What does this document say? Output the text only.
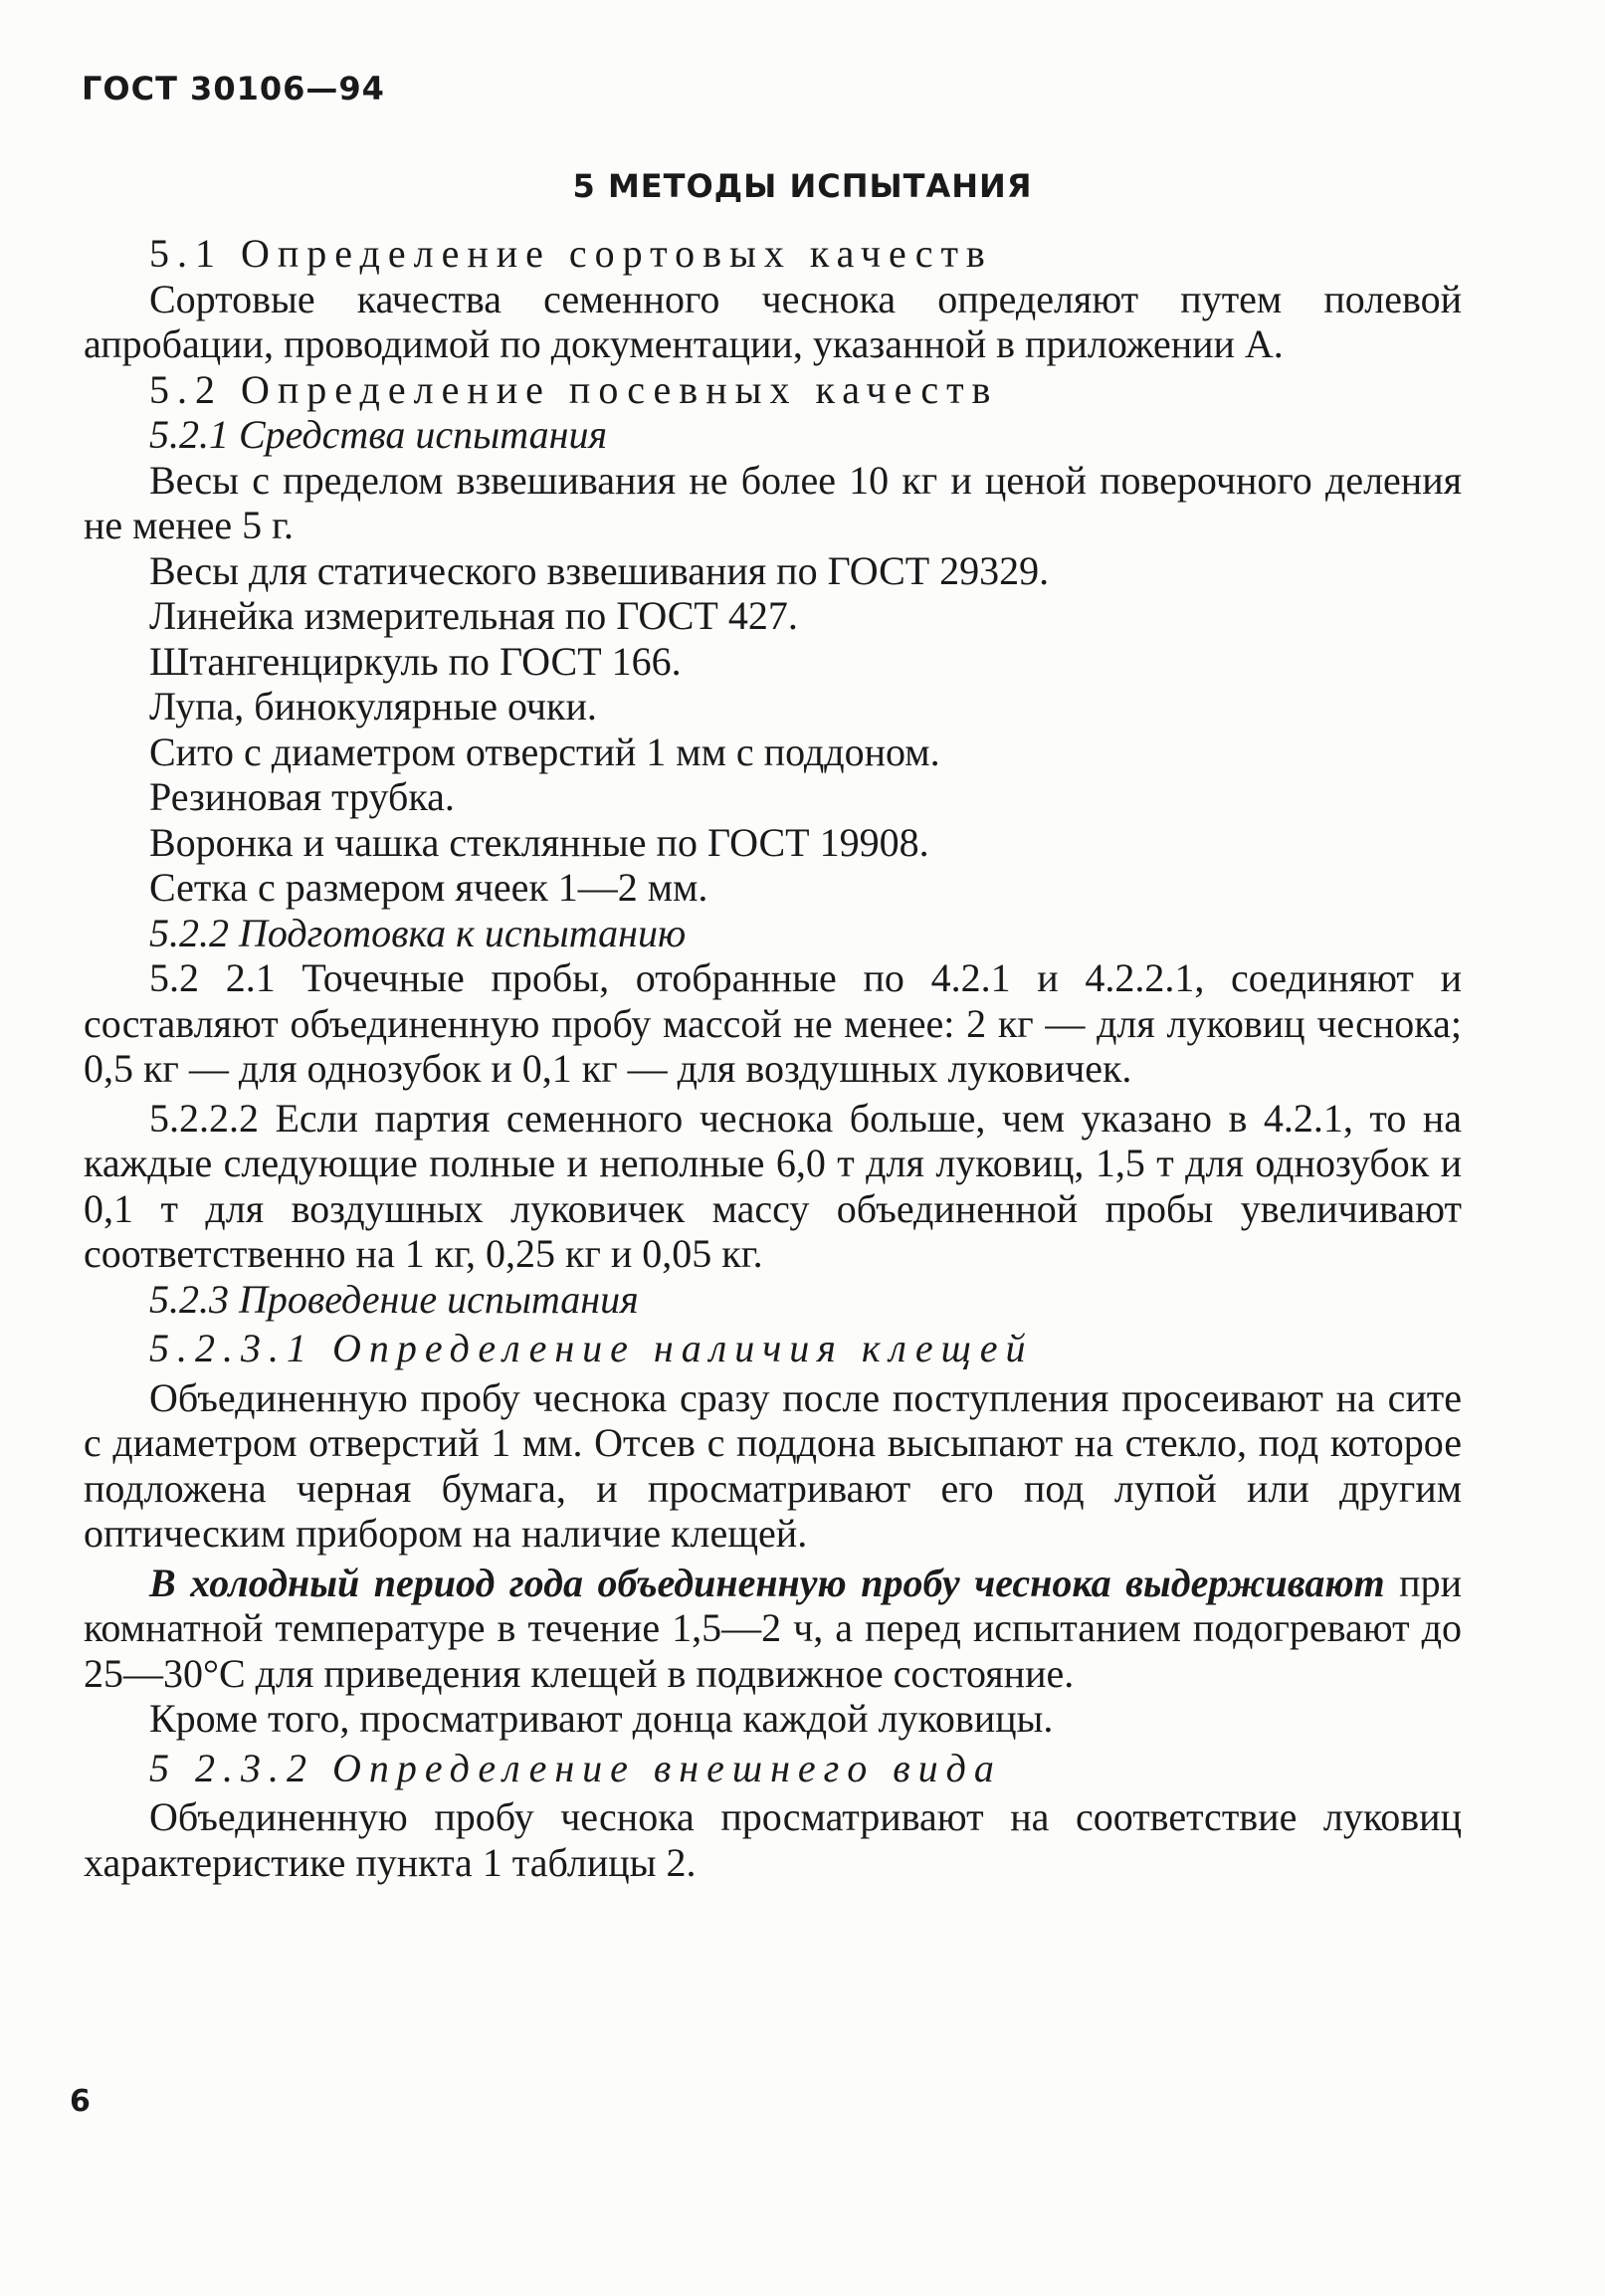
ГОСТ 30106—94
5 МЕТОДЫ ИСПЫТАНИЯ

5.1 Определение сортовых качеств

Сортовые качества семенного чеснока определяют путем полевой апробации, проводимой по документации, указанной в приложении А.

5.2 Определение посевных качеств

5.2.1 Средства испытания

Весы с пределом взвешивания не более 10 кг и ценой поверочного деления не менее 5 г.

Весы для статического взвешивания по ГОСТ 29329.

Линейка измерительная по ГОСТ 427.

Штангенциркуль по ГОСТ 166.

Лупа, бинокулярные очки.

Сито с диаметром отверстий 1 мм с поддоном.

Резиновая трубка.

Воронка и чашка стеклянные по ГОСТ 19908.

Сетка с размером ячеек 1—2 мм.

5.2.2 Подготовка к испытанию

5.2 2.1 Точечные пробы, отобранные по 4.2.1 и 4.2.2.1, соединяют и составляют объединенную пробу массой не менее: 2 кг — для луковиц чеснока; 0,5 кг — для однозубок и 0,1 кг — для воздушных луковичек.

5.2.2.2 Если партия семенного чеснока больше, чем указано в 4.2.1, то на каждые следующие полные и неполные 6,0 т для луковиц, 1,5 т для однозубок и 0,1 т для воздушных луковичек массу объединенной пробы увеличивают соответственно на 1 кг, 0,25 кг и 0,05 кг.

5.2.3 Проведение испытания

5.2.3.1 Определение наличия клещей

Объединенную пробу чеснока сразу после поступления просеивают на сите с диаметром отверстий 1 мм. Отсев с поддона высыпают на стекло, под которое подложена черная бумага, и просматривают его под лупой или другим оптическим прибором на наличие клещей.

В холодный период года объединенную пробу чеснока выдерживают при комнатной температуре в течение 1,5—2 ч, а перед испытанием подогревают до 25—30°С для приведения клещей в подвижное состояние.

Кроме того, просматривают донца каждой луковицы.

5 2.3.2 Определение внешнего вида

Объединенную пробу чеснока просматривают на соответствие луковиц характеристике пункта 1 таблицы 2.

6
